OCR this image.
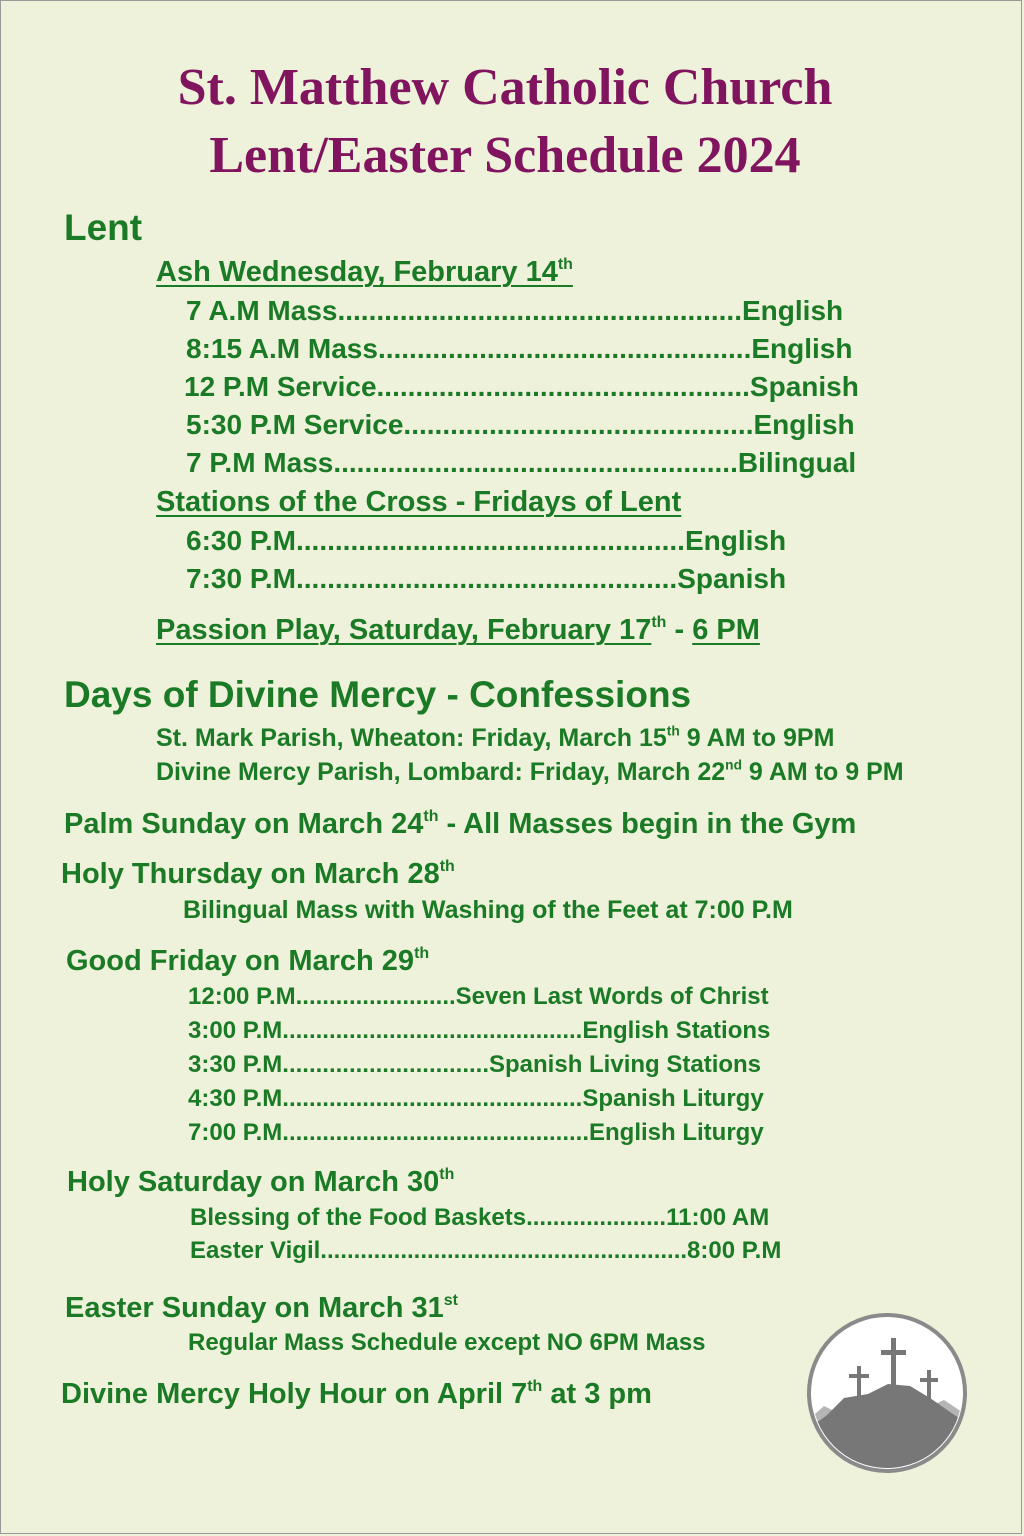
St. Matthew Catholic Church
Lent/Easter Schedule 2024
Lent
Ash Wednesday, February 14th
7 A.M Mass....................................................English
8:15 A.M Mass................................................English
12 P.M Service................................................Spanish
5:30 P.M Service.............................................English
7 P.M Mass....................................................Bilingual
Stations of the Cross - Fridays of Lent
6:30 P.M..................................................English
7:30 P.M.................................................Spanish
Passion Play, Saturday, February 17th - 6 PM
Days of Divine Mercy - Confessions
St. Mark Parish, Wheaton: Friday, March 15th 9 AM to 9PM
Divine Mercy Parish, Lombard: Friday, March 22nd 9 AM to 9 PM
Palm Sunday on March 24th - All Masses begin in the Gym
Holy Thursday on March 28th
Bilingual Mass with Washing of the Feet at 7:00 P.M
Good Friday on March 29th
12:00 P.M........................Seven Last Words of Christ
3:00 P.M.............................................English Stations
3:30 P.M...............................Spanish Living Stations
4:30 P.M.............................................Spanish Liturgy
7:00 P.M..............................................English Liturgy
Holy Saturday on March 30th
Blessing of the Food Baskets.....................11:00 AM
Easter Vigil.......................................................8:00 P.M
Easter Sunday on March 31st
Regular Mass Schedule except NO 6PM Mass
Divine Mercy Holy Hour on April 7th at 3 pm
